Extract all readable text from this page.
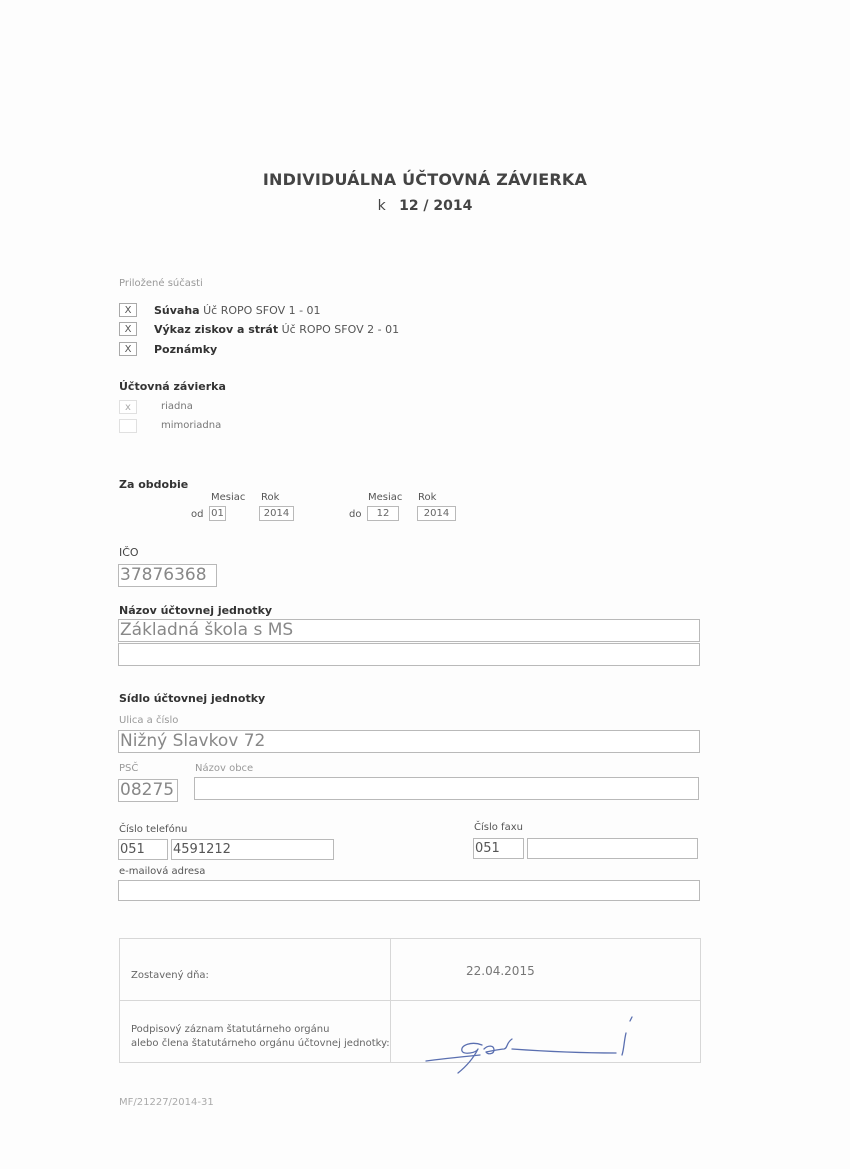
INDIVIDUÁLNA ÚČTOVNÁ ZÁVIERKA
k 12 / 2014
Priložené súčasti
X	Súvaha Úč ROPO SFOV 1 - 01
X	Výkaz ziskov a strát Úč ROPO SFOV 2 - 01
X	Poznámky
Účtovná závierka
x	riadna
mimoriadna
Za obdobie
Mesiac Rok	Mesiac Rok
od 01	2014	do	12	2014
IČO
37876368
Názov účtovnej jednotky
Základná škola s MS
Sídlo účtovnej jednotky
Ulica a číslo
Nižný Slavkov 72
PSČ	Názov obce
08275
Číslo telefónu
051	4591212
Číslo faxu
051
e-mailová adresa
Zostavený dňa:	22.04.2015
Podpisový záznam štatutárneho orgánu
alebo člena štatutárneho orgánu účtovnej jednotky:
MF/21227/2014-31
